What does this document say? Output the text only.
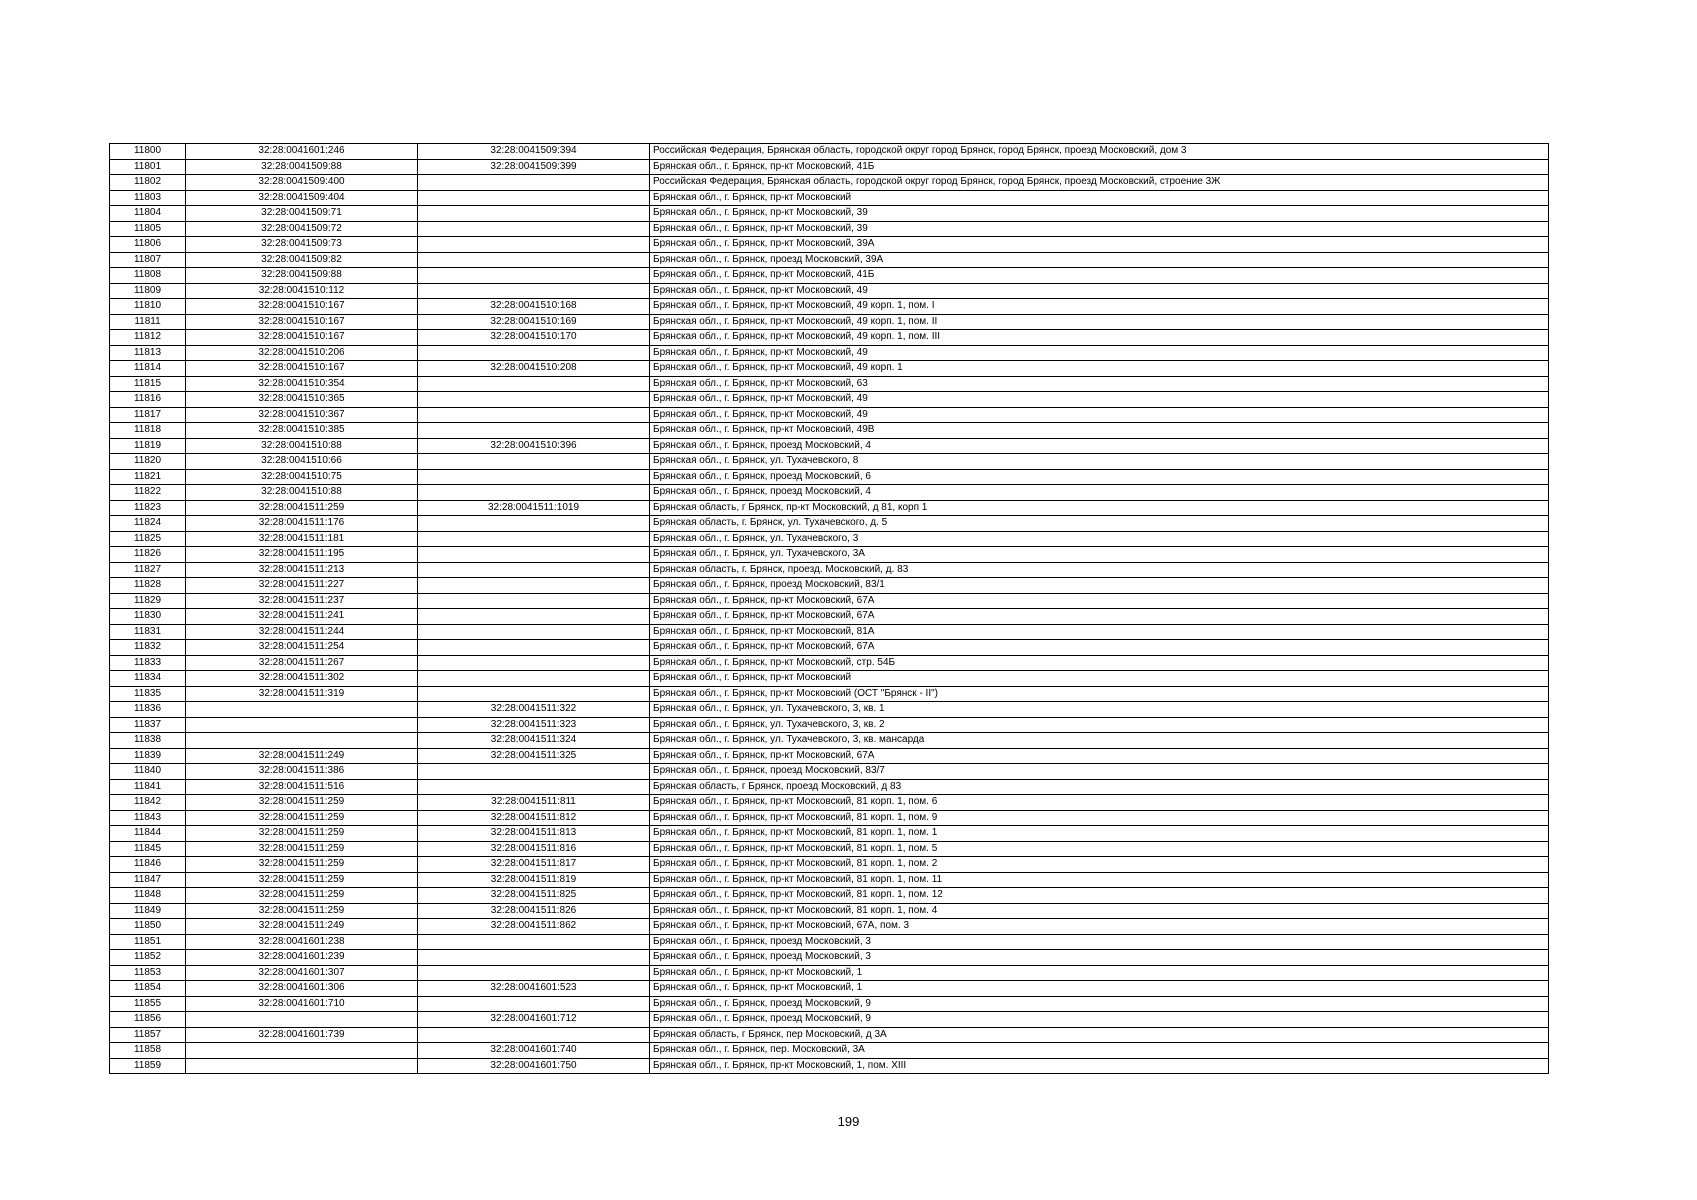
11800	32:28:0041601:246	32:28:0041509:394	Российская Федерация, Брянская область, городской округ город Брянск, город Брянск, проезд Московский, дом 3
11801	32:28:0041509:88	32:28:0041509:399	Брянская обл., г. Брянск, пр-кт Московский, 41Б
11802	32:28:0041509:400		Российская Федерация, Брянская область, городской округ город Брянск, город Брянск, проезд Московский, строение 3Ж
11803	32:28:0041509:404		Брянская обл., г. Брянск, пр-кт Московский
11804	32:28:0041509:71		Брянская обл., г. Брянск, пр-кт Московский, 39
11805	32:28:0041509:72		Брянская обл., г. Брянск, пр-кт Московский, 39
11806	32:28:0041509:73		Брянская обл., г. Брянск, пр-кт Московский, 39А
11807	32:28:0041509:82		Брянская обл., г. Брянск, проезд Московский, 39А
11808	32:28:0041509:88		Брянская обл., г. Брянск, пр-кт Московский, 41Б
11809	32:28:0041510:112		Брянская обл., г. Брянск, пр-кт Московский, 49
11810	32:28:0041510:167	32:28:0041510:168	Брянская обл., г. Брянск, пр-кт Московский, 49 корп. 1, пом. I
11811	32:28:0041510:167	32:28:0041510:169	Брянская обл., г. Брянск, пр-кт Московский, 49 корп. 1, пом. II
11812	32:28:0041510:167	32:28:0041510:170	Брянская обл., г. Брянск, пр-кт Московский, 49 корп. 1, пом. III
11813	32:28:0041510:206		Брянская обл., г. Брянск, пр-кт Московский, 49
11814	32:28:0041510:167	32:28:0041510:208	Брянская обл., г. Брянск, пр-кт Московский, 49 корп. 1
11815	32:28:0041510:354		Брянская обл., г. Брянск, пр-кт Московский, 63
11816	32:28:0041510:365		Брянская обл., г. Брянск, пр-кт Московский, 49
11817	32:28:0041510:367		Брянская обл., г. Брянск, пр-кт Московский, 49
11818	32:28:0041510:385		Брянская обл., г. Брянск, пр-кт Московский, 49В
11819	32:28:0041510:88	32:28:0041510:396	Брянская обл., г. Брянск, проезд Московский, 4
11820	32:28:0041510:66		Брянская обл., г. Брянск, ул. Тухачевского, 8
11821	32:28:0041510:75		Брянская обл., г. Брянск, проезд Московский, 6
11822	32:28:0041510:88		Брянская обл., г. Брянск, проезд Московский, 4
11823	32:28:0041511:259	32:28:0041511:1019	Брянская область, г Брянск, пр-кт Московский, д 81, корп 1
11824	32:28:0041511:176		Брянская область, г. Брянск, ул. Тухачевского, д. 5
11825	32:28:0041511:181		Брянская обл., г. Брянск, ул. Тухачевского, 3
11826	32:28:0041511:195		Брянская обл., г. Брянск, ул. Тухачевского, 3А
11827	32:28:0041511:213		Брянская область, г. Брянск, проезд. Московский, д. 83
11828	32:28:0041511:227		Брянская обл., г. Брянск, проезд Московский, 83/1
11829	32:28:0041511:237		Брянская обл., г. Брянск, пр-кт Московский, 67А
11830	32:28:0041511:241		Брянская обл., г. Брянск, пр-кт Московский, 67А
11831	32:28:0041511:244		Брянская обл., г. Брянск, пр-кт Московский, 81А
11832	32:28:0041511:254		Брянская обл., г. Брянск, пр-кт Московский, 67А
11833	32:28:0041511:267		Брянская обл., г. Брянск, пр-кт Московский, стр. 54Б
11834	32:28:0041511:302		Брянская обл., г. Брянск, пр-кт Московский
11835	32:28:0041511:319		Брянская обл., г. Брянск, пр-кт Московский (ОСТ "Брянск - II")
11836		32:28:0041511:322	Брянская обл., г. Брянск, ул. Тухачевского, 3, кв. 1
11837		32:28:0041511:323	Брянская обл., г. Брянск, ул. Тухачевского, 3, кв. 2
11838		32:28:0041511:324	Брянская обл., г. Брянск, ул. Тухачевского, 3, кв. мансарда
11839	32:28:0041511:249	32:28:0041511:325	Брянская обл., г. Брянск, пр-кт Московский, 67А
11840	32:28:0041511:386		Брянская обл., г. Брянск, проезд Московский, 83/7
11841	32:28:0041511:516		Брянская область, г Брянск, проезд Московский, д 83
11842	32:28:0041511:259	32:28:0041511:811	Брянская обл., г. Брянск, пр-кт Московский, 81 корп. 1, пом. 6
11843	32:28:0041511:259	32:28:0041511:812	Брянская обл., г. Брянск, пр-кт Московский, 81 корп. 1, пом. 9
11844	32:28:0041511:259	32:28:0041511:813	Брянская обл., г. Брянск, пр-кт Московский, 81 корп. 1, пом. 1
11845	32:28:0041511:259	32:28:0041511:816	Брянская обл., г. Брянск, пр-кт Московский, 81 корп. 1, пом. 5
11846	32:28:0041511:259	32:28:0041511:817	Брянская обл., г. Брянск, пр-кт Московский, 81 корп. 1, пом. 2
11847	32:28:0041511:259	32:28:0041511:819	Брянская обл., г. Брянск, пр-кт Московский, 81 корп. 1, пом. 11
11848	32:28:0041511:259	32:28:0041511:825	Брянская обл., г. Брянск, пр-кт Московский, 81 корп. 1, пом. 12
11849	32:28:0041511:259	32:28:0041511:826	Брянская обл., г. Брянск, пр-кт Московский, 81 корп. 1, пом. 4
11850	32:28:0041511:249	32:28:0041511:862	Брянская обл., г. Брянск, пр-кт Московский, 67А, пом. 3
11851	32:28:0041601:238		Брянская обл., г. Брянск, проезд Московский, 3
11852	32:28:0041601:239		Брянская обл., г. Брянск, проезд Московский, 3
11853	32:28:0041601:307		Брянская обл., г. Брянск, пр-кт Московский, 1
11854	32:28:0041601:306	32:28:0041601:523	Брянская обл., г. Брянск, пр-кт Московский, 1
11855	32:28:0041601:710		Брянская обл., г. Брянск, проезд Московский, 9
11856		32:28:0041601:712	Брянская обл., г. Брянск, проезд Московский, 9
11857	32:28:0041601:739		Брянская область, г Брянск, пер Московский, д 3А
11858		32:28:0041601:740	Брянская обл., г. Брянск, пер. Московский, 3А
11859		32:28:0041601:750	Брянская обл., г. Брянск, пр-кт Московский, 1, пом. XIII
199
